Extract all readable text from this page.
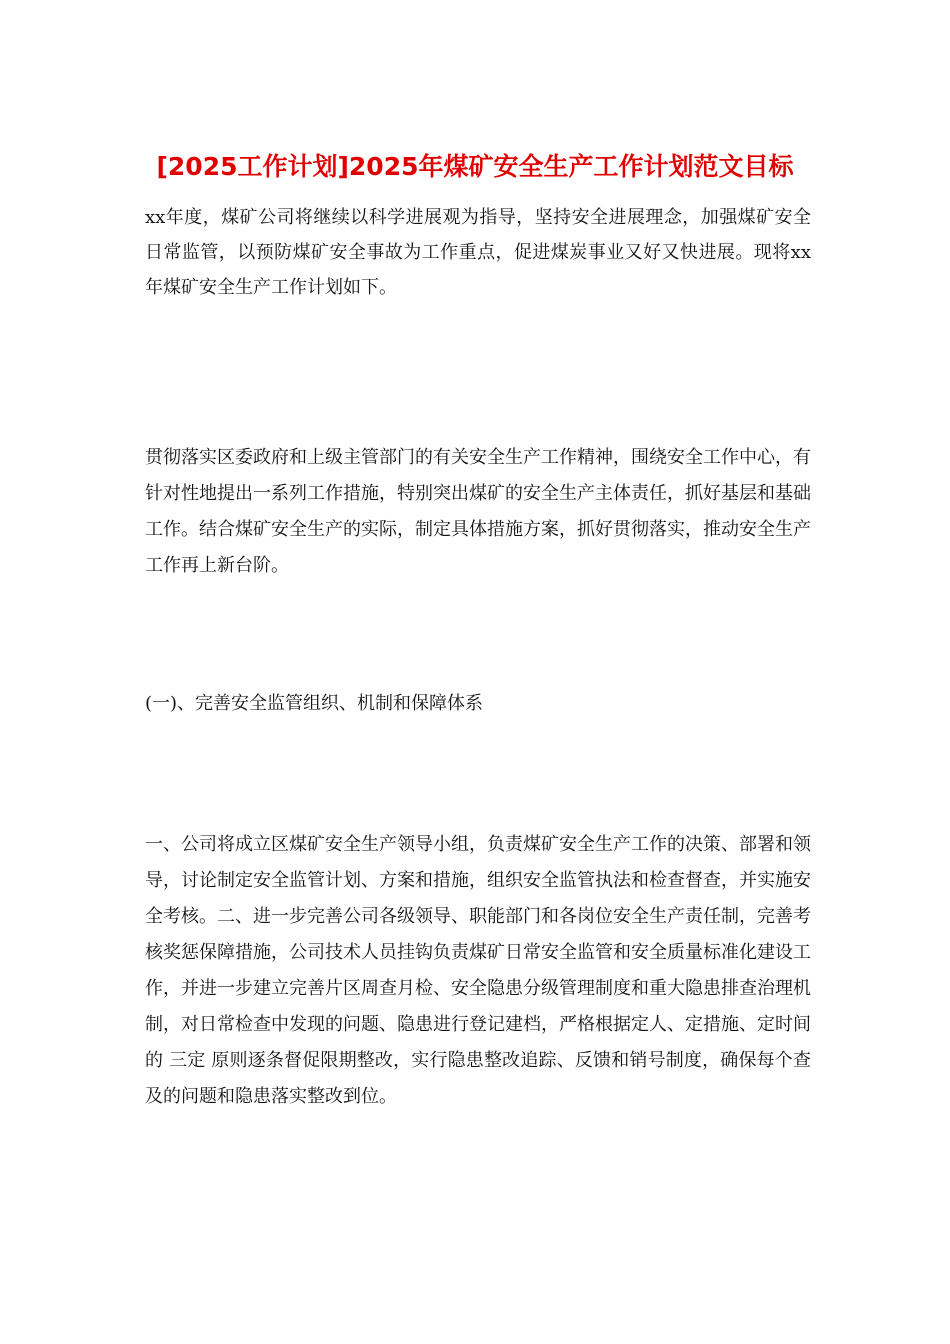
[2025工作计划]2025年煤矿安全生产工作计划范文目标

xx年度，煤矿公司将继续以科学进展观为指导，坚持安全进展理念，加强煤矿安全日常监管，以预防煤矿安全事故为工作重点，促进煤炭事业又好又快进展。现将xx年煤矿安全生产工作计划如下。

贯彻落实区委政府和上级主管部门的有关安全生产工作精神，围绕安全工作中心，有针对性地提出一系列工作措施，特别突出煤矿的安全生产主体责任，抓好基层和基础工作。结合煤矿安全生产的实际，制定具体措施方案，抓好贯彻落实，推动安全生产工作再上新台阶。

(一)、完善安全监管组织、机制和保障体系

一、公司将成立区煤矿安全生产领导小组，负责煤矿安全生产工作的决策、部署和领导，讨论制定安全监管计划、方案和措施，组织安全监管执法和检查督查，并实施安全考核。二、进一步完善公司各级领导、职能部门和各岗位安全生产责任制，完善考核奖惩保障措施，公司技术人员挂钩负责煤矿日常安全监管和安全质量标准化建设工作，并进一步建立完善片区周查月检、安全隐患分级管理制度和重大隐患排查治理机制，对日常检查中发现的问题、隐患进行登记建档，严格根据定人、定措施、定时间的 三定 原则逐条督促限期整改，实行隐患整改追踪、反馈和销号制度，确保每个查及的问题和隐患落实整改到位。
